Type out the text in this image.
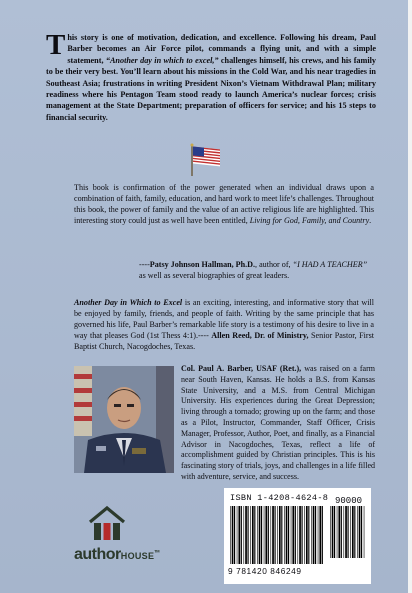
This story is one of motivation, dedication, and excellence. Following his dream, Paul Barber becomes an Air Force pilot, commands a flying unit, and with a simple statement, “Another day in which to excel,” challenges himself, his crews, and his family to be their very best. You’ll learn about his missions in the Cold War, and his near tragedies in Southeast Asia; frustrations in writing President Nixon’s Vietnam Withdrawal Plan; military readiness where his Pentagon Team stood ready to launch America’s nuclear forces; crisis management at the State Department; preparation of officers for service; and his 15 steps to financial security.
This book is confirmation of the power generated when an individual draws upon a combination of faith, family, education, and hard work to meet life’s challenges. Throughout this book, the power of family and the value of an active religious life are highlighted. This interesting story could just as well have been entitled, Living for God, Family, and Country.
----Patsy Johnson Hallman, Ph.D., author of, “I HAD A TEACHER” as well as several biographies of great leaders.
Another Day in Which to Excel is an exciting, interesting, and informative story that will be enjoyed by family, friends, and people of faith. Writing by the same principle that has governed his life, Paul Barber’s remarkable life story is a testimony of his desire to live in a way that pleases God (1st Thess 4:1).---- Allen Reed, Dr. of Ministry, Senior Pastor, First Baptist Church, Nacogdoches, Texas.
Col. Paul A. Barber, USAF (Ret.), was raised on a farm near South Haven, Kansas. He holds a B.S. from Kansas State University, and a M.S. from Central Michigan University. His experiences during the Great Depression; living through a tornado; growing up on the farm; and those as a Pilot, Instructor, Commander, Staff Officer, Crisis Manager, Professor, Author, Poet, and finally, as a Financial Advisor in Nacogdoches, Texas, reflect a life of accomplishment guided by Christian principles. This is his fascinating story of trials, joys, and challenges in a life filled with adventure, service, and success.
authorHOUSE™
ISBN 1-4208-4624-8 90000
9 781420 846249
